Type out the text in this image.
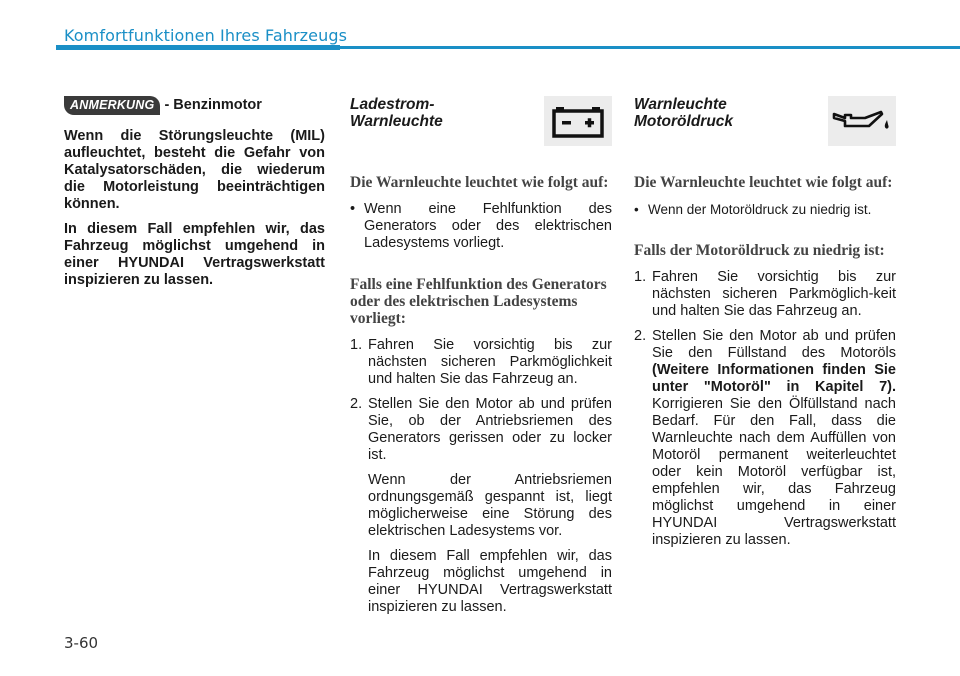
Komfortfunktionen Ihres Fahrzeugs
ANMERKUNG - Benzinmotor

Wenn die Störungsleuchte (MIL) aufleuchtet, besteht die Gefahr von Katalysatorschäden, die wiederum die Motorleistung beeinträchtigen können.

In diesem Fall empfehlen wir, das Fahrzeug möglichst umgehend in einer HYUNDAI Vertragswerkstatt inspizieren zu lassen.

Ladestrom-
Warnleuchte
Die Warnleuchte leuchtet wie folgt auf:
• Wenn eine Fehlfunktion des Generators oder des elektrischen Ladesystems vorliegt.
Falls eine Fehlfunktion des Generators oder des elektrischen Ladesystems vorliegt:
1. Fahren Sie vorsichtig bis zur nächsten sicheren Parkmöglichkeit und halten Sie das Fahrzeug an.
2. Stellen Sie den Motor ab und prüfen Sie, ob der Antriebsriemen des Generators gerissen oder zu locker ist.
Wenn der Antriebsriemen ordnungsgemäß gespannt ist, liegt möglicherweise eine Störung des elektrischen Ladesystems vor.
In diesem Fall empfehlen wir, das Fahrzeug möglichst umgehend in einer HYUNDAI Vertragswerkstatt inspizieren zu lassen.
Warnleuchte
Motoröldruck
Die Warnleuchte leuchtet wie folgt auf:
• Wenn der Motoröldruck zu niedrig ist.
Falls der Motoröldruck zu niedrig ist:
1. Fahren Sie vorsichtig bis zur nächsten sicheren Parkmöglich-keit und halten Sie das Fahrzeug an.
2. Stellen Sie den Motor ab und prüfen Sie den Füllstand des Motoröls (Weitere Informationen finden Sie unter "Motoröl" in Kapitel 7). Korrigieren Sie den Ölfüllstand nach Bedarf. Für den Fall, dass die Warnleuchte nach dem Auffüllen von Motoröl permanent weiterleuchtet oder kein Motoröl verfügbar ist, empfehlen wir, das Fahrzeug möglichst umgehend in einer HYUNDAI Vertragswerkstatt inspizieren zu lassen.
3-60
